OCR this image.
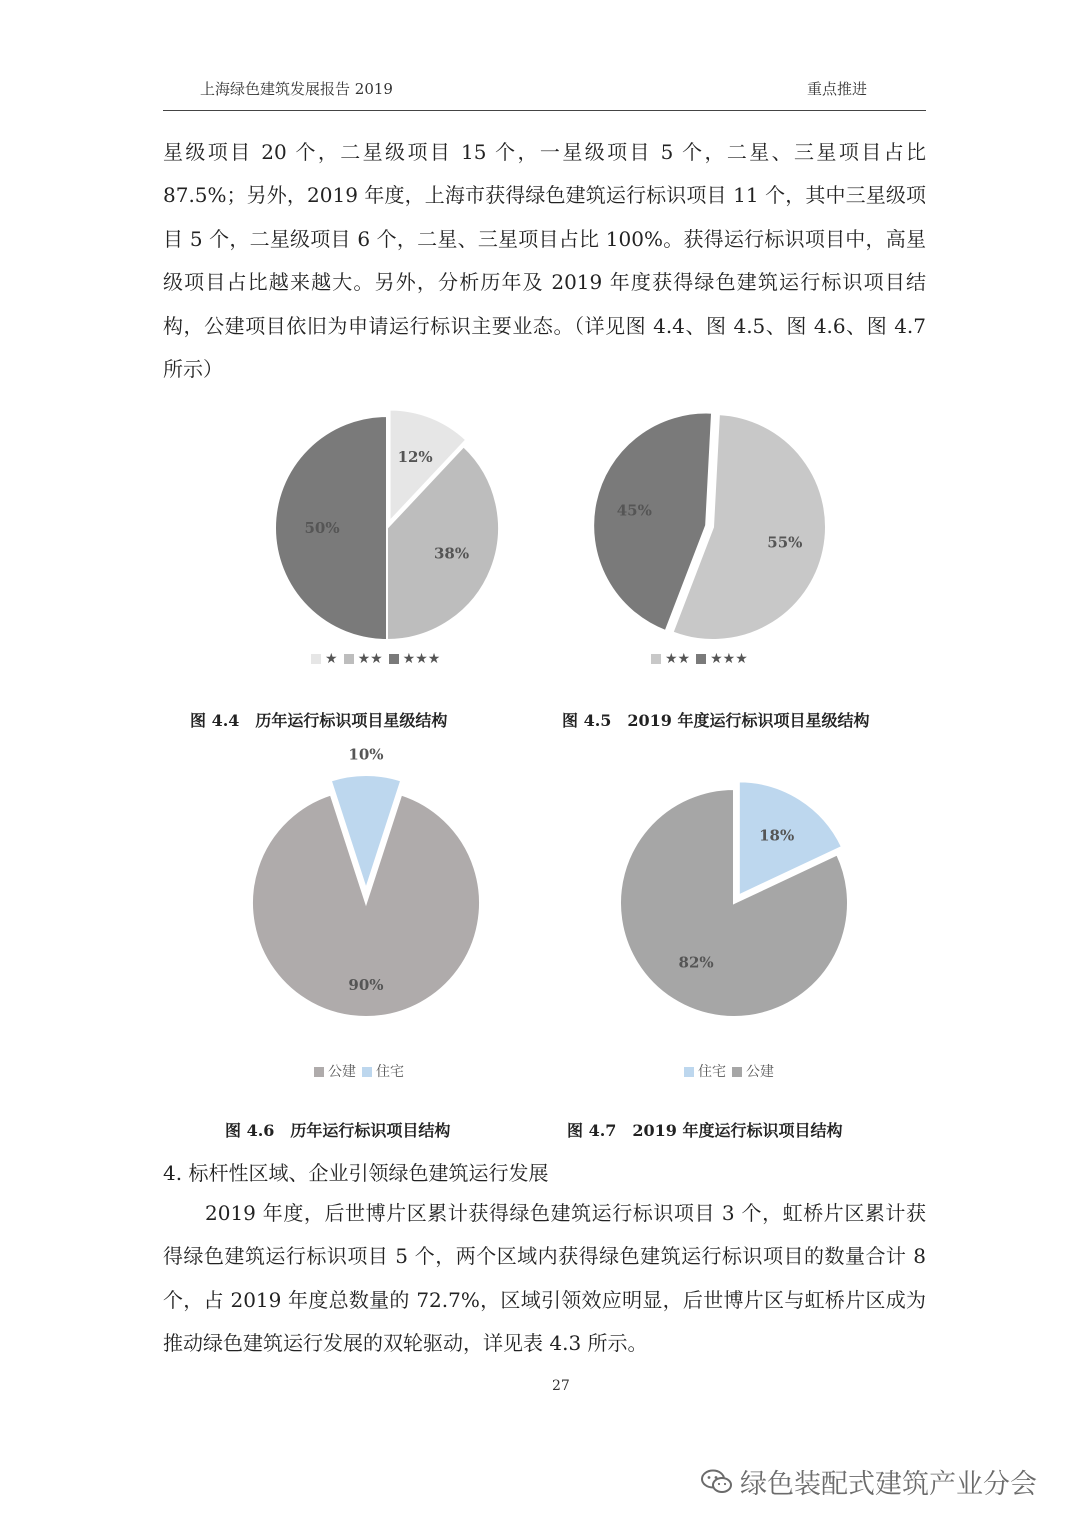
上海绿色建筑发展报告 2019	重点推进

星级项目 20 个，二星级项目 15 个，一星级项目 5 个，二星、三星项目占比 87.5%；另外，2019 年度，上海市获得绿色建筑运行标识项目 11 个，其中三星级项目 5 个，二星级项目 6 个，二星、三星项目占比 100%。获得运行标识项目中，高星级项目占比越来越大。另外，分析历年及 2019 年度获得绿色建筑运行标识项目结构，公建项目依旧为申请运行标识主要业态。（详见图 4.4、图 4.5、图 4.6、图 4.7 所示）

12%
38%
50%
★ ★★ ★★★
图 4.4　历年运行标识项目星级结构
55%
45%
★★ ★★★
图 4.5　2019 年度运行标识项目星级结构
10%
90%
公建 住宅
图 4.6　历年运行标识项目结构
18%
82%
住宅 公建
图 4.7　2019 年度运行标识项目结构
4. 标杆性区域、企业引领绿色建筑运行发展

2019 年度，后世博片区累计获得绿色建筑运行标识项目 3 个，虹桥片区累计获得绿色建筑运行标识项目 5 个，两个区域内获得绿色建筑运行标识项目的数量合计 8 个，占 2019 年度总数量的 72.7%，区域引领效应明显，后世博片区与虹桥片区成为推动绿色建筑运行发展的双轮驱动，详见表 4.3 所示。

27
绿色装配式建筑产业分会
